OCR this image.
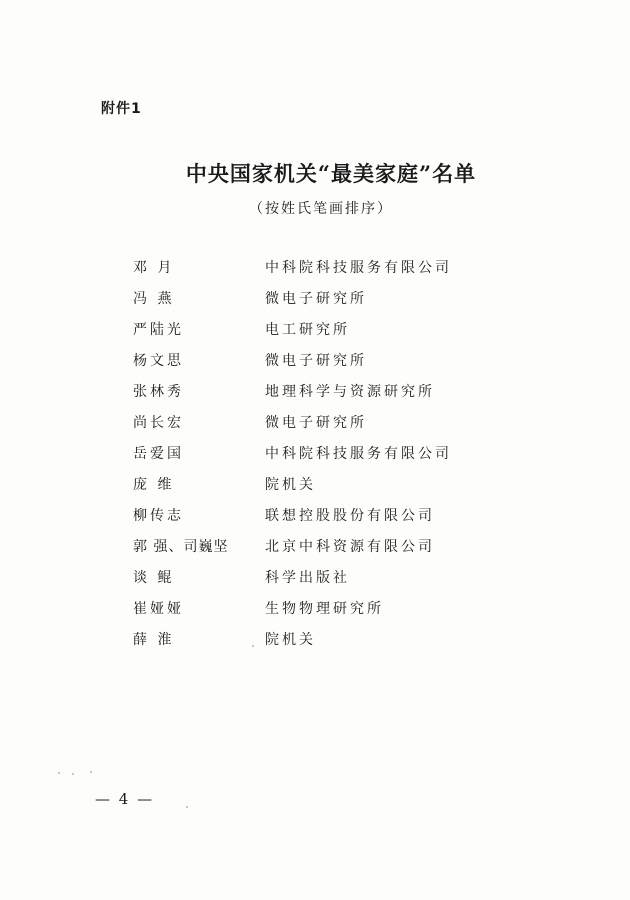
附件1
中央国家机关“最美家庭”名单
（按姓氏笔画排序）
邓 月	中科院科技服务有限公司
冯 燕	微电子研究所
严陆光	电工研究所
杨文思	微电子研究所
张林秀	地理科学与资源研究所
尚长宏	微电子研究所
岳爱国	中科院科技服务有限公司
庞 维	院机关
柳传志	联想控股股份有限公司
郭 强、司巍坚	北京中科资源有限公司
谈 鲲	科学出版社
崔娅娅	生物物理研究所
薛 淮	院机关
— 4 —
